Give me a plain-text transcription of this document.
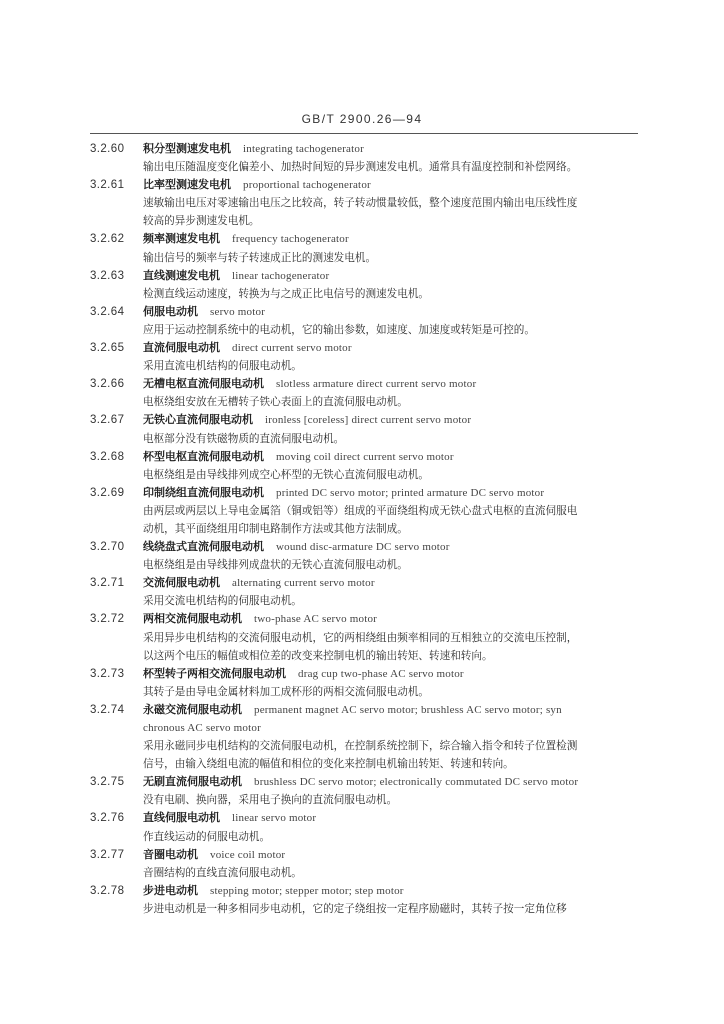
GB/T 2900.26—94
3.2.60 积分型测速发电机 integrating tachogenerator
输出电压随温度变化偏差小、加热时间短的异步测速发电机。通常具有温度控制和补偿网络。
3.2.61 比率型测速发电机 proportional tachogenerator
速敏输出电压对零速输出电压之比较高，转子转动惯量较低，整个速度范围内输出电压线性度
较高的异步测速发电机。
3.2.62 频率测速发电机 frequency tachogenerator
输出信号的频率与转子转速成正比的测速发电机。
3.2.63 直线测速发电机 linear tachogenerator
检测直线运动速度，转换为与之成正比电信号的测速发电机。
3.2.64 伺服电动机 servo motor
应用于运动控制系统中的电动机，它的输出参数，如速度、加速度或转矩是可控的。
3.2.65 直流伺服电动机 direct current servo motor
采用直流电机结构的伺服电动机。
3.2.66 无槽电枢直流伺服电动机 slotless armature direct current servo motor
电枢绕组安放在无槽转子铁心表面上的直流伺服电动机。
3.2.67 无铁心直流伺服电动机 ironless [coreless] direct current servo motor
电枢部分没有铁磁物质的直流伺服电动机。
3.2.68 杯型电枢直流伺服电动机 moving coil direct current servo motor
电枢绕组是由导线排列成空心杯型的无铁心直流伺服电动机。
3.2.69 印制绕组直流伺服电动机 printed DC servo motor; printed armature DC servo motor
由两层或两层以上导电金属箔（铜或铝等）组成的平面绕组构成无铁心盘式电枢的直流伺服电
动机，其平面绕组用印制电路制作方法或其他方法制成。
3.2.70 线绕盘式直流伺服电动机 wound disc-armature DC servo motor
电枢绕组是由导线排列成盘状的无铁心直流伺服电动机。
3.2.71 交流伺服电动机 alternating current servo motor
采用交流电机结构的伺服电动机。
3.2.72 两相交流伺服电动机 two-phase AC servo motor
采用异步电机结构的交流伺服电动机，它的两相绕组由频率相同的互相独立的交流电压控制，
以这两个电压的幅值或相位差的改变来控制电机的输出转矩、转速和转向。
3.2.73 杯型转子两相交流伺服电动机 drag cup two-phase AC servo motor
其转子是由导电金属材料加工成杯形的两相交流伺服电动机。
3.2.74 永磁交流伺服电动机 permanent magnet AC servo motor; brushless AC servo motor; syn
chronous AC servo motor
采用永磁同步电机结构的交流伺服电动机，在控制系统控制下，综合输入指令和转子位置检测
信号，由输入绕组电流的幅值和相位的变化来控制电机输出转矩、转速和转向。
3.2.75 无刷直流伺服电动机 brushless DC servo motor; electronically commutated DC servo motor
没有电刷、换向器，采用电子换向的直流伺服电动机。
3.2.76 直线伺服电动机 linear servo motor
作直线运动的伺服电动机。
3.2.77 音圈电动机 voice coil motor
音圈结构的直线直流伺服电动机。
3.2.78 步进电动机 stepping motor; stepper motor; step motor
步进电动机是一种多相同步电动机，它的定子绕组按一定程序励磁时，其转子按一定角位移
